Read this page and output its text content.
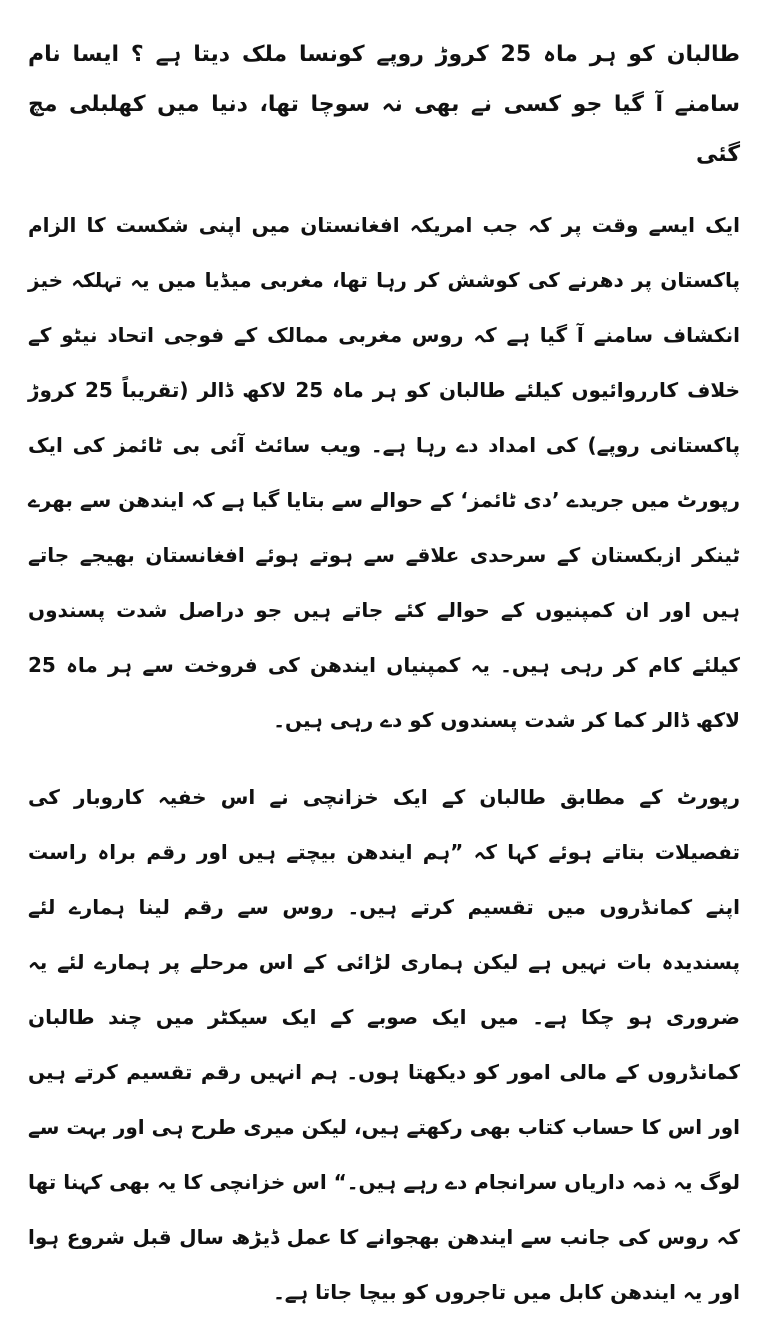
طالبان کو ہر ماہ 25 کروڑ روپے کونسا ملک دیتا ہے ؟ ایسا نام سامنے آ گیا جو کسی نے بھی نہ سوچا تھا، دنیا میں کھلبلی مچ گئی

ایک ایسے وقت پر کہ جب امریکہ افغانستان میں اپنی شکست کا الزام پاکستان پر دھرنے کی کوشش کر رہا تھا، مغربی میڈیا میں یہ تہلکہ خیز انکشاف سامنے آ گیا ہے کہ روس مغربی ممالک کے فوجی اتحاد نیٹو کے خلاف کارروائیوں کیلئے طالبان کو ہر ماہ 25 لاکھ ڈالر (تقریباً 25 کروڑ پاکستانی روپے) کی امداد دے رہا ہے۔ ویب سائٹ آئی بی ٹائمز کی ایک رپورٹ میں جریدے ’دی ٹائمز‘ کے حوالے سے بتایا گیا ہے کہ ایندھن سے بھرے ٹینکر ازبکستان کے سرحدی علاقے سے ہوتے ہوئے افغانستان بھیجے جاتے ہیں اور ان کمپنیوں کے حوالے کئے جاتے ہیں جو دراصل شدت پسندوں کیلئے کام کر رہی ہیں۔ یہ کمپنیاں ایندھن کی فروخت سے ہر ماہ 25 لاکھ ڈالر کما کر شدت پسندوں کو دے رہی ہیں۔

رپورٹ کے مطابق طالبان کے ایک خزانچی نے اس خفیہ کاروبار کی تفصیلات بتاتے ہوئے کہا کہ ”ہم ایندھن بیچتے ہیں اور رقم براہ راست اپنے کمانڈروں میں تقسیم کرتے ہیں۔ روس سے رقم لینا ہمارے لئے پسندیدہ بات نہیں ہے لیکن ہماری لڑائی کے اس مرحلے پر ہمارے لئے یہ ضروری ہو چکا ہے۔ میں ایک صوبے کے ایک سیکٹر میں چند طالبان کمانڈروں کے مالی امور کو دیکھتا ہوں۔ ہم انہیں رقم تقسیم کرتے ہیں اور اس کا حساب کتاب بھی رکھتے ہیں، لیکن میری طرح ہی اور بہت سے لوگ یہ ذمہ داریاں سرانجام دے رہے ہیں۔“ اس خزانچی کا یہ بھی کہنا تھا کہ روس کی جانب سے ایندھن بھجوانے کا عمل ڈیڑھ سال قبل شروع ہوا اور یہ ایندھن کابل میں تاجروں کو بیچا جاتا ہے۔
